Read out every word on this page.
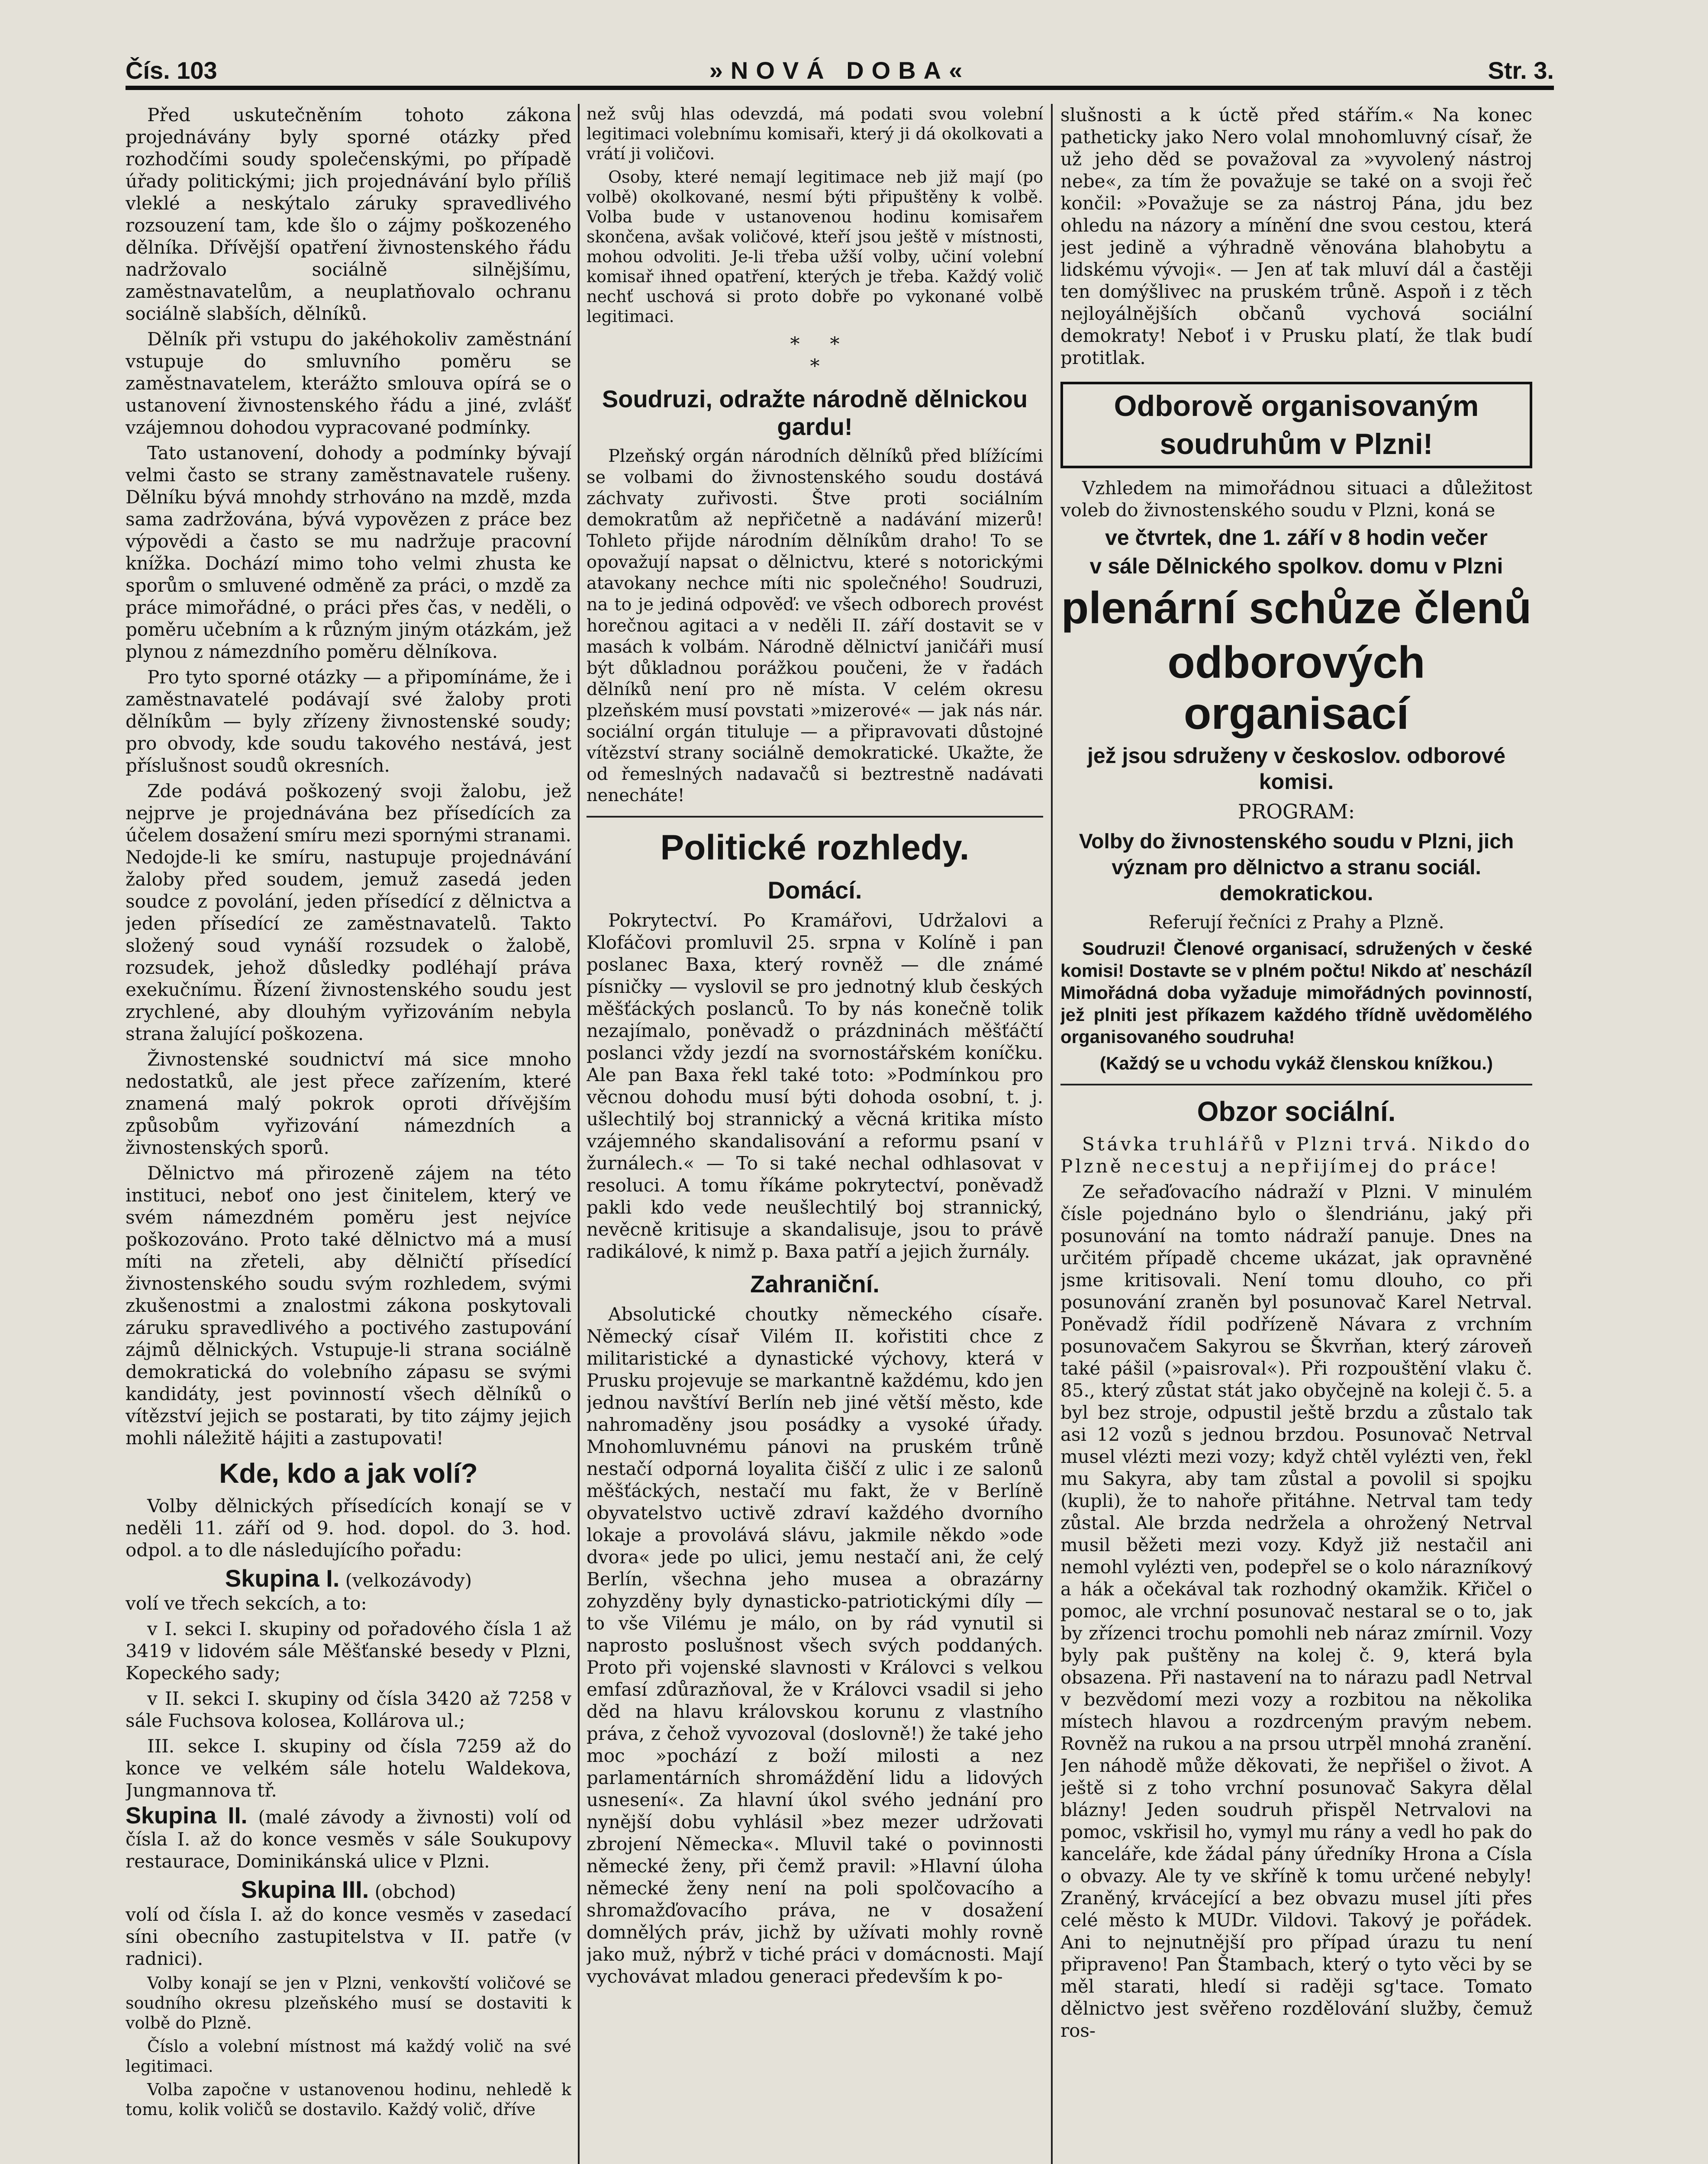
Čís. 103	»NOVÁ DOBA«	Str. 3.

Před uskutečněním tohoto zákona projednávány byly sporné otázky před rozhodčími soudy společenskými, po případě úřady politickými; jich projednávání bylo příliš vleklé a neskýtalo záruky spravedlivého rozsouzení tam, kde šlo o zájmy poškozeného dělníka. Dřívější opatření živnostenského řádu nadržovalo sociálně silnějšímu, zaměstnavatelům, a neuplatňovalo ochranu sociálně slabších, dělníků.

Dělník při vstupu do jakéhokoliv zaměstnání vstupuje do smluvního poměru se zaměstnavatelem, kterážto smlouva opírá se o ustanovení živnostenského řádu a jiné, zvlášť vzájemnou dohodou vypracované podmínky.

Tato ustanovení, dohody a podmínky bývají velmi často se strany zaměstnavatele rušeny. Dělníku bývá mnohdy strhováno na mzdě, mzda sama zadržována, bývá vypovězen z práce bez výpovědi a často se mu nadržuje pracovní knížka. Dochází mimo toho velmi zhusta ke sporům o smluvené odměně za práci, o mzdě za práce mimořádné, o práci přes čas, v neděli, o poměru učebním a k různým jiným otázkám, jež plynou z námezdního poměru dělníkova.

Pro tyto sporné otázky — a připomínáme, že i zaměstnavatelé podávají své žaloby proti dělníkům — byly zřízeny živnostenské soudy; pro obvody, kde soudu takového nestává, jest příslušnost soudů okresních.

Zde podává poškozený svoji žalobu, jež nejprve je projednávána bez přísedících za účelem dosažení smíru mezi spornými stranami. Nedojde-li ke smíru, nastupuje projednávání žaloby před soudem, jemuž zasedá jeden soudce z povolání, jeden přísedící z dělnictva a jeden přísedící ze zaměstnavatelů. Takto složený soud vynáší rozsudek o žalobě, rozsudek, jehož důsledky podléhají práva exekučnímu. Řízení živnostenského soudu jest zrychlené, aby dlouhým vyřizováním nebyla strana žalující poškozena.

Živnostenské soudnictví má sice mnoho nedostatků, ale jest přece zařízením, které znamená malý pokrok oproti dřívějším způsobům vyřizování námezdních a živnostenských sporů.

Dělnictvo má přirozeně zájem na této instituci, neboť ono jest činitelem, který ve svém námezdném poměru jest nejvíce poškozováno. Proto také dělnictvo má a musí míti na zřeteli, aby dělničtí přísedící živnostenského soudu svým rozhledem, svými zkušenostmi a znalostmi zákona poskytovali záruku spravedlivého a poctivého zastupování zájmů dělnických. Vstupuje-li strana sociálně demokratická do volebního zápasu se svými kandidáty, jest povinností všech dělníků o vítězství jejich se postarati, by tito zájmy jejich mohli náležitě hájiti a zastupovati!

Kde, kdo a jak volí?

Volby dělnických přísedících konají se v neděli 11. září od 9. hod. dopol. do 3. hod. odpol. a to dle následujícího pořadu:

Skupina I. (velkozávody)

volí ve třech sekcích, a to:

v I. sekci I. skupiny od pořadového čísla 1 až 3419 v lidovém sále Měšťanské besedy v Plzni, Kopeckého sady;

v II. sekci I. skupiny od čísla 3420 až 7258 v sále Fuchsova kolosea, Kollárova ul.;

III. sekce I. skupiny od čísla 7259 až do konce ve velkém sále hotelu Waldekova, Jungmannova tř.

Skupina II. (malé závody a živnosti) volí od čísla I. až do konce vesměs v sále Soukupovy restaurace, Dominikánská ulice v Plzni.

Skupina III. (obchod)

volí od čísla I. až do konce vesměs v zasedací síni obecního zastupitelstva v II. patře (v radnici).

Volby konají se jen v Plzni, venkovští voličové se soudního okresu plzeňského musí se dostaviti k volbě do Plzně.

Číslo a volební místnost má každý volič na své legitimaci.

Volba započne v ustanovenou hodinu, nehledě k tomu, kolik voličů se dostavilo. Každý volič, dříve

než svůj hlas odevzdá, má podati svou volební legitimaci volebnímu komisaři, který ji dá okolkovati a vrátí ji voličovi.

Osoby, které nemají legitimace neb již mají (po volbě) okolkované, nesmí býti připuštěny k volbě. Volba bude v ustanovenou hodinu komisařem skončena, avšak voličové, kteří jsou ještě v místnosti, mohou odvoliti. Je-li třeba užší volby, učiní volební komisař ihned opatření, kterých je třeba. Každý volič nechť uschová si proto dobře po vykonané volbě legitimaci.

*     *
*
Soudruzi, odražte národně dělnickou gardu!

Plzeňský orgán národních dělníků před blížícími se volbami do živnostenského soudu dostává záchvaty zuřivosti. Štve proti sociálním demokratům až nepřičetně a nadávání mizerů! Tohleto přijde národním dělníkům draho! To se opovažují napsat o dělnictvu, které s notorickými atavokany nechce míti nic společného! Soudruzi, na to je jediná odpověď: ve všech odborech provést horečnou agitaci a v neděli II. září dostavit se v masách k volbám. Národně dělnictví janičáři musí být důkladnou porážkou poučeni, že v řadách dělníků není pro ně místa. V celém okresu plzeňském musí povstati »mizerové« — jak nás nár. sociální orgán tituluje — a připravovati důstojné vítězství strany sociálně demokratické. Ukažte, že od řemeslných nadavačů si beztrestně nadávati nenecháte!

Politické rozhledy.
Domácí.

Pokrytectví. Po Kramářovi, Udržalovi a Klofáčovi promluvil 25. srpna v Kolíně i pan poslanec Baxa, který rovněž — dle známé písničky — vyslovil se pro jednotný klub českých měšťáckých poslanců. To by nás konečně tolik nezajímalo, poněvadž o prázdninách měšťáčtí poslanci vždy jezdí na svornostářském koníčku. Ale pan Baxa řekl také toto: »Podmínkou pro věcnou dohodu musí býti dohoda osobní, t. j. ušlechtilý boj strannický a věcná kritika místo vzájemného skandalisování a reformu psaní v žurnálech.« — To si také nechal odhlasovat v resoluci. A tomu říkáme pokrytectví, poněvadž pakli kdo vede neušlechtilý boj strannický, nevěcně kritisuje a skandalisuje, jsou to právě radikálové, k nimž p. Baxa patří a jejich žurnály.

Zahraniční.

Absolutické choutky německého císaře. Německý císař Vilém II. kořistiti chce z militaristické a dynastické výchovy, která v Prusku projevuje se markantně každému, kdo jen jednou navštíví Berlín neb jiné větší město, kde nahromaděny jsou posádky a vysoké úřady. Mnohomluvnému pánovi na pruském trůně nestačí odporná loyalita čiščí z ulic i ze salonů měšťáckých, nestačí mu fakt, že v Berlíně obyvatelstvo uctivě zdraví každého dvorního lokaje a provolává slávu, jakmile někdo »ode dvora« jede po ulici, jemu nestačí ani, že celý Berlín, všechna jeho musea a obrazárny zohyzděny byly dynasticko-patriotickými díly — to vše Vilému je málo, on by rád vynutil si naprosto poslušnost všech svých poddaných. Proto při vojenské slavnosti v Královci s velkou emfasí zdůrazňoval, že v Královci vsadil si jeho děd na hlavu královskou korunu z vlastního práva, z čehož vyvozoval (doslovně!) že také jeho moc »pochází z boží milosti a nez parlamentárních shromáždění lidu a lidových usnesení«. Za hlavní úkol svého jednání pro nynější dobu vyhlásil »bez mezer udržovati zbrojení Německa«. Mluvil také o povinnosti německé ženy, při čemž pravil: »Hlavní úloha německé ženy není na poli spolčovacího a shromažďovacího práva, ne v dosažení domnělých práv, jichž by užívati mohly rovně jako muž, nýbrž v tiché práci v domácnosti. Mají vychovávat mladou generaci především k po-

slušnosti a k úctě před stářím.« Na konec patheticky jako Nero volal mnohomluvný císař, že už jeho děd se považoval za »vyvolený nástroj nebe«, za tím že považuje se také on a svoji řeč končil: »Považuje se za nástroj Pána, jdu bez ohledu na názory a mínění dne svou cestou, která jest jedině a výhradně věnována blahobytu a lidskému vývoji«. — Jen ať tak mluví dál a častěji ten domýšlivec na pruském trůně. Aspoň i z těch nejloyálnějších občanů vychová sociální demokraty! Neboť i v Prusku platí, že tlak budí protitlak.

Odborově organisovaným soudruhům v Plzni!

Vzhledem na mimořádnou situaci a důležitost voleb do živnostenského soudu v Plzni, koná se

ve čtvrtek, dne 1. září v 8 hodin večer
v sále Dělnického spolkov. domu v Plzni
plenární schůze členů
odborových organisací
jež jsou sdruženy v českoslov. odborové komisi.
PROGRAM:
Volby do živnostenského soudu v Plzni, jich význam pro dělnictvo a stranu sociál. demokratickou.
Referují řečníci z Prahy a Plzně.

Soudruzi! Členové organisací, sdružených v české komisi! Dostavte se v plném počtu! Nikdo ať nescházíl Mimořádná doba vyžaduje mimořádných povinností, jež plniti jest příkazem každého třídně uvědomělého organisovaného soudruha!

(Každý se u vchodu vykáž členskou knížkou.)
Obzor sociální.

Stávka truhlářů v Plzni trvá. Nikdo do Plzně necestuj a nepřijímej do práce!

Ze seřaďovacího nádraží v Plzni. V minulém čísle pojednáno bylo o šlendriánu, jaký při posunování na tomto nádraží panuje. Dnes na určitém případě chceme ukázat, jak opravněné jsme kritisovali. Není tomu dlouho, co při posunování zraněn byl posunovač Karel Netrval. Poněvadž řídil podřízeně Návara z vrchním posunovačem Sakyrou se Škvrňan, který zároveň také pášil (»paisroval«). Při rozpouštění vlaku č. 85., který zůstat stát jako obyčejně na koleji č. 5. a byl bez stroje, odpustil ještě brzdu a zůstalo tak asi 12 vozů s jednou brzdou. Posunovač Netrval musel vlézti mezi vozy; když chtěl vylézti ven, řekl mu Sakyra, aby tam zůstal a povolil si spojku (kupli), že to nahoře přitáhne. Netrval tam tedy zůstal. Ale brzda nedržela a ohrožený Netrval musil běžeti mezi vozy. Když již nestačil ani nemohl vylézti ven, podepřel se o kolo nárazníkový a hák a očekával tak rozhodný okamžik. Křičel o pomoc, ale vrchní posunovač nestaral se o to, jak by zřízenci trochu pomohli neb náraz zmírnil. Vozy byly pak puštěny na kolej č. 9, která byla obsazena. Při nastavení na to nárazu padl Netrval v bezvědomí mezi vozy a rozbitou na několika místech hlavou a rozdrceným pravým nebem. Rovněž na rukou a na prsou utrpěl mnohá zranění. Jen náhodě může děkovati, že nepřišel o život. A ještě si z toho vrchní posunovač Sakyra dělal blázny! Jeden soudruh přispěl Netrvalovi na pomoc, vskřisil ho, vymyl mu rány a vedl ho pak do kanceláře, kde žádal pány úředníky Hrona a Císla o obvazy. Ale ty ve skříně k tomu určené nebyly! Zraněný, krvácející a bez obvazu musel jíti přes celé město k MUDr. Vildovi. Takový je pořádek. Ani to nejnutnější pro případ úrazu tu není připraveno! Pan Štambach, který o tyto věci by se měl starati, hledí si raději sg'tace. Tomato dělnictvo jest svěřeno rozdělování služby, čemuž ros-
